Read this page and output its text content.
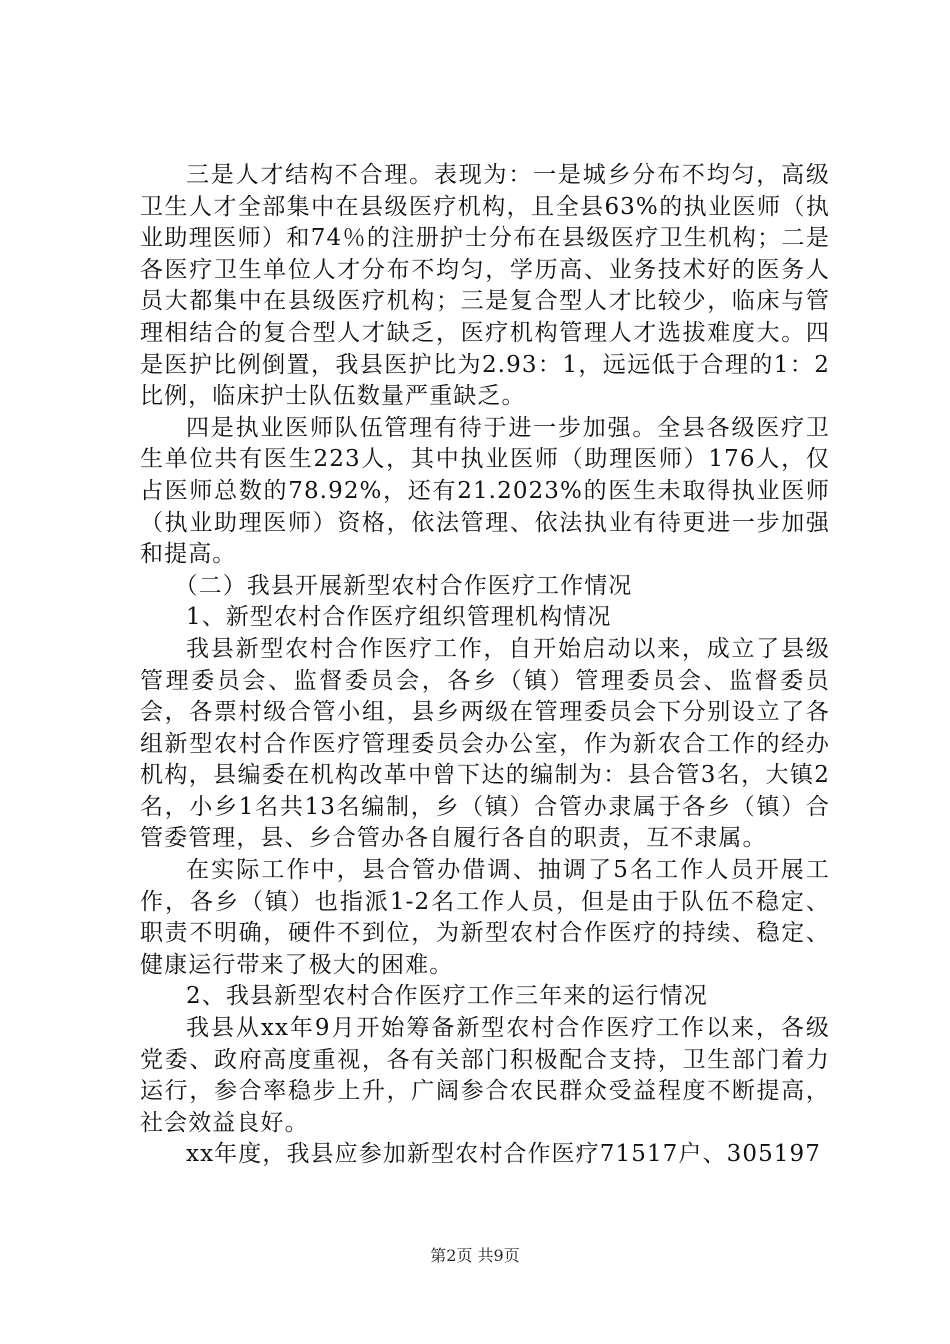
三是人才结构不合理。表现为：一是城乡分布不均匀，高级卫生人才全部集中在县级医疗机构，且全县63%的执业医师（执业助理医师）和74％的注册护士分布在县级医疗卫生机构；二是各医疗卫生单位人才分布不均匀，学历高、业务技术好的医务人员大都集中在县级医疗机构；三是复合型人才比较少，临床与管理相结合的复合型人才缺乏，医疗机构管理人才选拔难度大。四是医护比例倒置，我县医护比为2.93：1，远远低于合理的1：2比例，临床护士队伍数量严重缺乏。

四是执业医师队伍管理有待于进一步加强。全县各级医疗卫生单位共有医生223人，其中执业医师（助理医师）176人，仅占医师总数的78.92%，还有21.2023%的医生未取得执业医师（执业助理医师）资格，依法管理、依法执业有待更进一步加强和提高。

（二）我县开展新型农村合作医疗工作情况

1、新型农村合作医疗组织管理机构情况

我县新型农村合作医疗工作，自开始启动以来，成立了县级管理委员会、监督委员会，各乡（镇）管理委员会、监督委员会，各票村级合管小组，县乡两级在管理委员会下分别设立了各组新型农村合作医疗管理委员会办公室，作为新农合工作的经办机构，县编委在机构改革中曾下达的编制为：县合管3名，大镇2名，小乡1名共13名编制，乡（镇）合管办隶属于各乡（镇）合管委管理，县、乡合管办各自履行各自的职责，互不隶属。

在实际工作中，县合管办借调、抽调了5名工作人员开展工作，各乡（镇）也指派1-2名工作人员，但是由于队伍不稳定、职责不明确，硬件不到位，为新型农村合作医疗的持续、稳定、健康运行带来了极大的困难。

2、我县新型农村合作医疗工作三年来的运行情况

我县从xx年9月开始筹备新型农村合作医疗工作以来，各级党委、政府高度重视，各有关部门积极配合支持，卫生部门着力运行，参合率稳步上升，广阔参合农民群众受益程度不断提高，社会效益良好。

xx年度，我县应参加新型农村合作医疗71517户、305197

第2页 共9页
